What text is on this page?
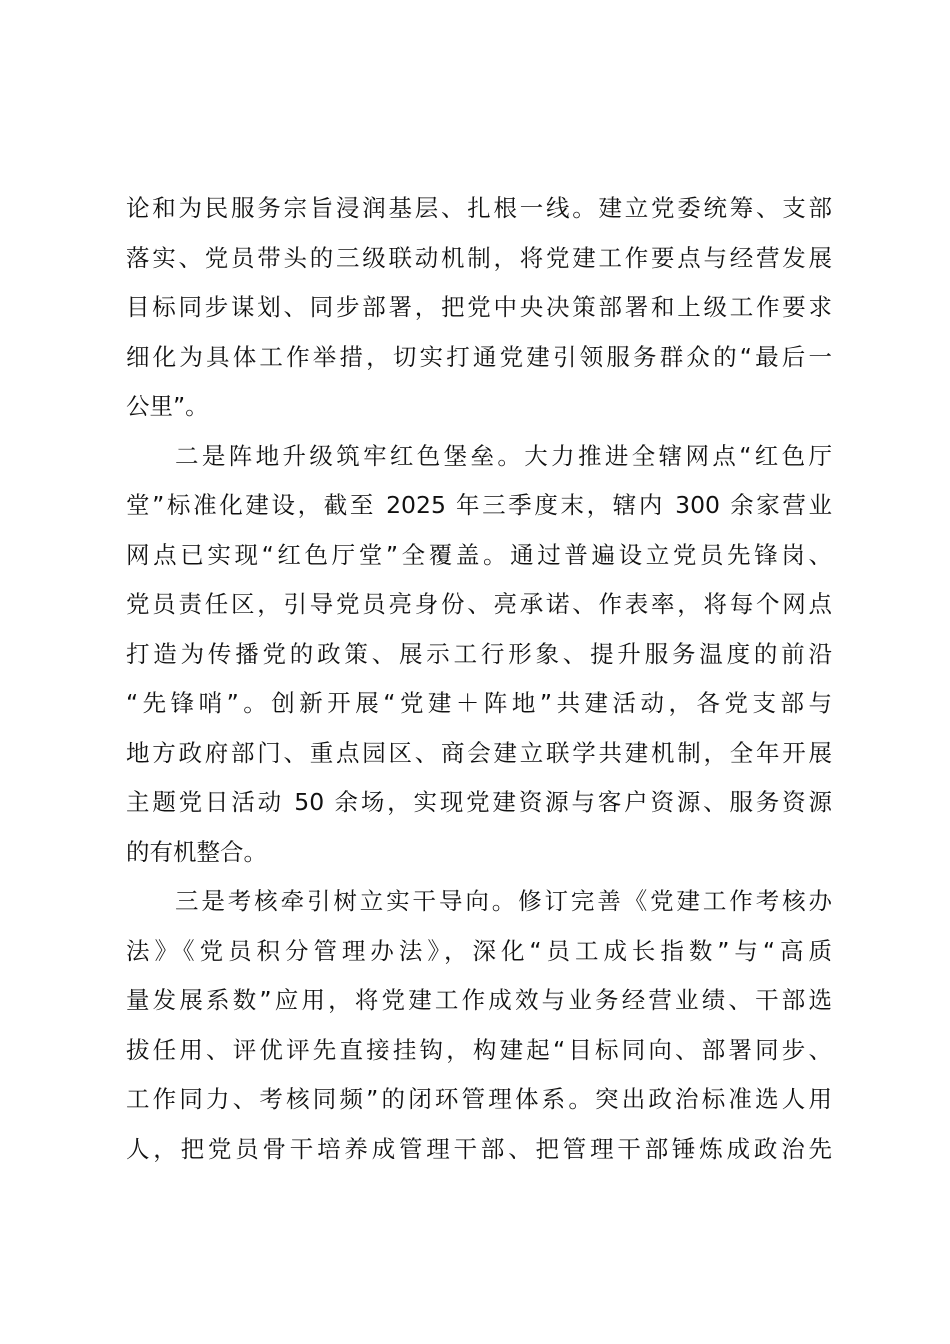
论和为民服务宗旨浸润基层、扎根一线。建立党委统筹、支部
落实、党员带头的三级联动机制，将党建工作要点与经营发展
目标同步谋划、同步部署，把党中央决策部署和上级工作要求
细化为具体工作举措，切实打通党建引领服务群众的“最后一
公里”。
二是阵地升级筑牢红色堡垒。大力推进全辖网点“红色厅
堂”标准化建设，截至 2025 年三季度末，辖内 300 余家营业
网点已实现“红色厅堂”全覆盖。通过普遍设立党员先锋岗、
党员责任区，引导党员亮身份、亮承诺、作表率，将每个网点
打造为传播党的政策、展示工行形象、提升服务温度的前沿
“先锋哨”。创新开展“党建＋阵地”共建活动，各党支部与
地方政府部门、重点园区、商会建立联学共建机制，全年开展
主题党日活动 50 余场，实现党建资源与客户资源、服务资源
的有机整合。
三是考核牵引树立实干导向。修订完善《党建工作考核办
法》《党员积分管理办法》，深化“员工成长指数”与“高质
量发展系数”应用，将党建工作成效与业务经营业绩、干部选
拔任用、评优评先直接挂钩，构建起“目标同向、部署同步、
工作同力、考核同频”的闭环管理体系。突出政治标准选人用
人，把党员骨干培养成管理干部、把管理干部锤炼成政治先
